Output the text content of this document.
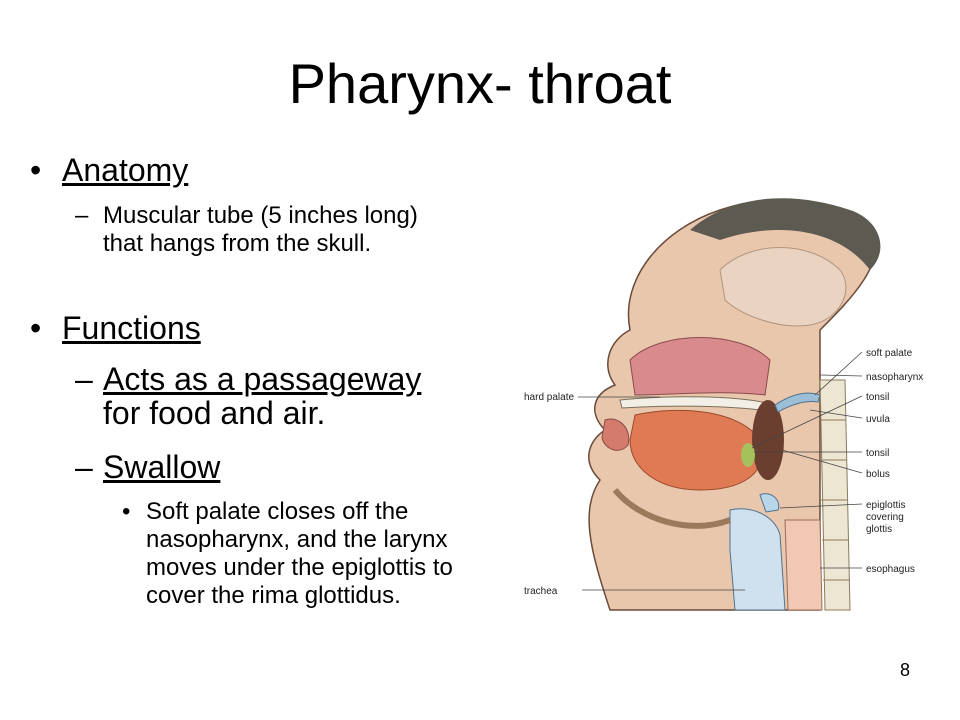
Pharynx- throat
• Anatomy
– Muscular tube (5 inches long) that hangs from the skull.
• Functions
– Acts as a passageway
for food and air.
– Swallow
• Soft palate closes off the nasopharynx, and the larynx moves under the epiglottis to cover the rima glottidus.
hard palate
trachea
soft palate
nasopharynx
tonsil
uvula
tonsil
bolus
epiglottis
covering
glottis
esophagus
8
